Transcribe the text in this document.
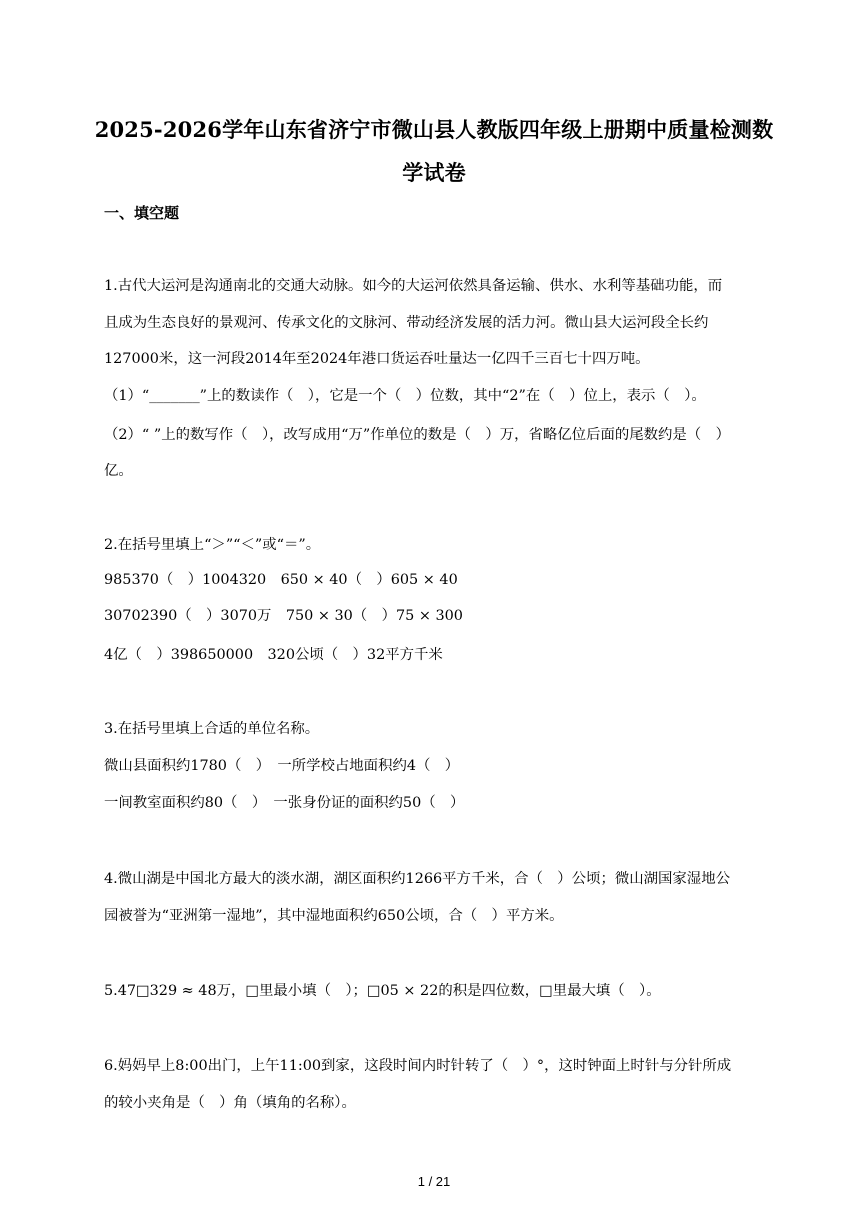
2025-2026学年山东省济宁市微山县人教版四年级上册期中质量检测数
学试卷
一、填空题
1.古代大运河是沟通南北的交通大动脉。如今的大运河依然具备运输、供水、水利等基础功能，而
且成为生态良好的景观河、传承文化的文脉河、带动经济发展的活力河。微山县大运河段全长约
127000米，这一河段2014年至2024年港口货运吞吐量达一亿四千三百七十四万吨。
（1）“_______”上的数读作（　），它是一个（　）位数，其中“2”在（　）位上，表示（　）。
（2）“ ”上的数写作（　），改写成用“万”作单位的数是（　）万，省略亿位后面的尾数约是（　）
亿。
2.在括号里填上“＞”“＜”或“＝”。
985370（　）1004320　650 × 40（　）605 × 40
30702390（　）3070万　750 × 30（　）75 × 300
4亿（　）398650000　320公顷（　）32平方千米
3.在括号里填上合适的单位名称。
微山县面积约1780（　）　一所学校占地面积约4（　）
一间教室面积约80（　）　一张身份证的面积约50（　）
4.微山湖是中国北方最大的淡水湖，湖区面积约1266平方千米，合（　）公顷；微山湖国家湿地公
园被誉为“亚洲第一湿地”，其中湿地面积约650公顷，合（　）平方米。
5.47□329 ≈ 48万，□里最小填（　）；□05 × 22的积是四位数，□里最大填（　）。
6.妈妈早上8:00出门，上午11:00到家，这段时间内时针转了（　）°，这时钟面上时针与分针所成
的较小夹角是（　）角（填角的名称）。
1 / 21
